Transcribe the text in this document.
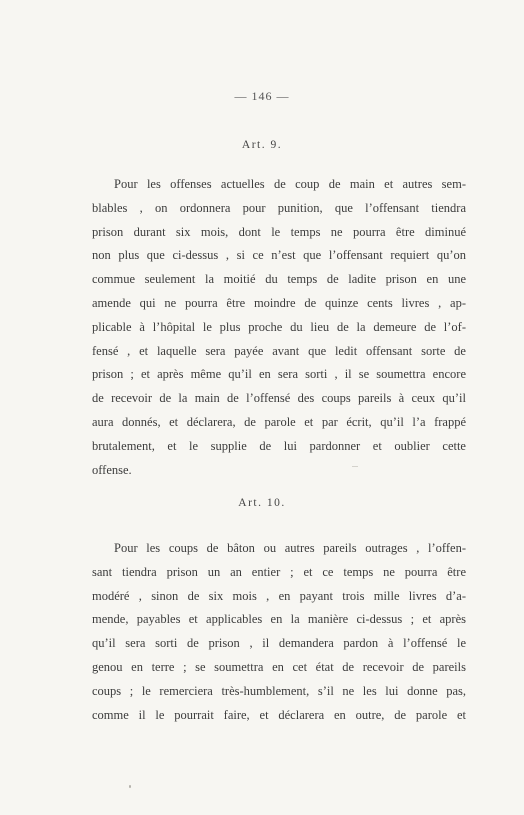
— 146 —
Art. 9.
Pour les offenses actuelles de coup de main et autres sem-
blables , on ordonnera pour punition, que l’offensant tiendra
prison durant six mois, dont le temps ne pourra être diminué
non plus que ci-dessus , si ce n’est que l’offensant requiert qu’on
commue seulement la moitié du temps de ladite prison en une
amende qui ne pourra être moindre de quinze cents livres , ap-
plicable à l’hôpital le plus proche du lieu de la demeure de l’of-
fensé , et laquelle sera payée avant que ledit offensant sorte de
prison ; et après même qu’il en sera sorti , il se soumettra encore
de recevoir de la main de l’offensé des coups pareils à ceux qu’il
aura donnés, et déclarera, de parole et par écrit, qu’il l’a frappé
brutalement, et le supplie de lui pardonner et oublier cette
offense.
Art. 10.
Pour les coups de bâton ou autres pareils outrages , l’offen-
sant tiendra prison un an entier ; et ce temps ne pourra être
modéré , sinon de six mois , en payant trois mille livres d’a-
mende, payables et applicables en la manière ci-dessus ; et après
qu’il sera sorti de prison , il demandera pardon à l’offensé le
genou en terre ; se soumettra en cet état de recevoir de pareils
coups ; le remerciera très-humblement, s’il ne les lui donne pas,
comme il le pourrait faire, et déclarera en outre, de parole et
